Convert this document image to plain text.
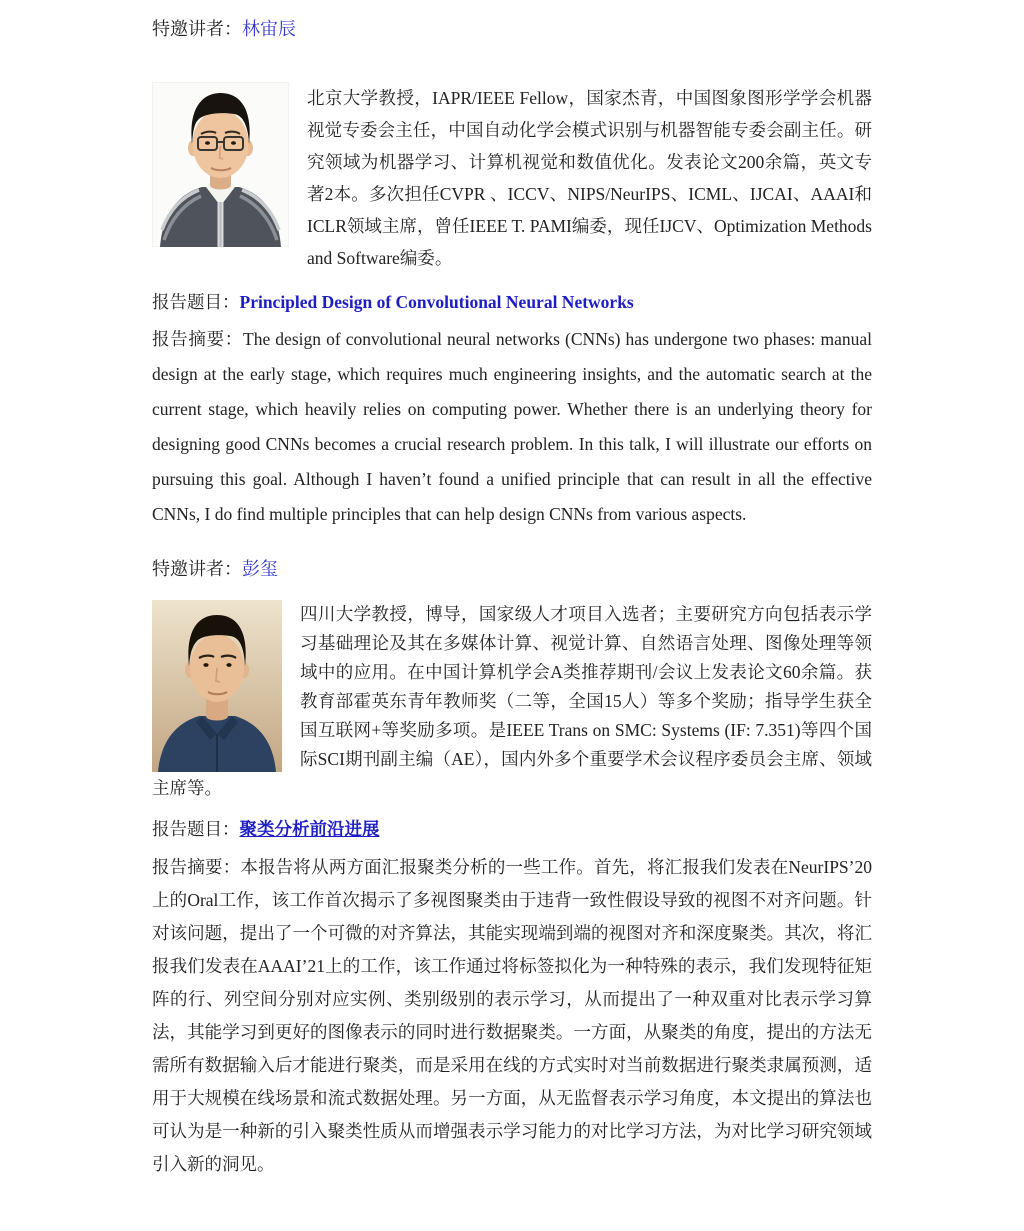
特邀讲者：林宙辰

北京大学教授，IAPR/IEEE Fellow，国家杰青，中国图象图形学学会机器视觉专委会主任，中国自动化学会模式识别与机器智能专委会副主任。研究领域为机器学习、计算机视觉和数值优化。发表论文200余篇，英文专著2本。多次担任CVPR 、ICCV、NIPS/NeurIPS、ICML、IJCAI、AAAI和ICLR领域主席，曾任IEEE T. PAMI编委，现任IJCV、Optimization Methods and Software编委。

报告题目：Principled Design of Convolutional Neural Networks

报告摘要：The design of convolutional neural networks (CNNs) has undergone two phases: manual design at the early stage, which requires much engineering insights, and the automatic search at the current stage, which heavily relies on computing power. Whether there is an underlying theory for designing good CNNs becomes a crucial research problem. In this talk, I will illustrate our efforts on pursuing this goal. Although I haven’t found a unified principle that can result in all the effective CNNs, I do find multiple principles that can help design CNNs from various aspects.

特邀讲者：彭玺

四川大学教授，博导，国家级人才项目入选者；主要研究方向包括表示学习基础理论及其在多媒体计算、视觉计算、自然语言处理、图像处理等领域中的应用。在中国计算机学会A类推荐期刊/会议上发表论文60余篇。获教育部霍英东青年教师奖（二等，全国15人）等多个奖励；指导学生获全国互联网+等奖励多项。是IEEE Trans on SMC: Systems (IF: 7.351)等四个国际SCI期刊副主编（AE），国内外多个重要学术会议程序委员会主席、领域主席等。

报告题目：聚类分析前沿进展

报告摘要：本报告将从两方面汇报聚类分析的一些工作。首先，将汇报我们发表在NeurIPS’20上的Oral工作，该工作首次揭示了多视图聚类由于违背一致性假设导致的视图不对齐问题。针对该问题，提出了一个可微的对齐算法，其能实现端到端的视图对齐和深度聚类。其次，将汇报我们发表在AAAI’21上的工作，该工作通过将标签拟化为一种特殊的表示，我们发现特征矩阵的行、列空间分别对应实例、类别级别的表示学习，从而提出了一种双重对比表示学习算法，其能学习到更好的图像表示的同时进行数据聚类。一方面，从聚类的角度，提出的方法无需所有数据输入后才能进行聚类，而是采用在线的方式实时对当前数据进行聚类隶属预测，适用于大规模在线场景和流式数据处理。另一方面，从无监督表示学习角度，本文提出的算法也可认为是一种新的引入聚类性质从而增强表示学习能力的对比学习方法，为对比学习研究领域引入新的洞见。
